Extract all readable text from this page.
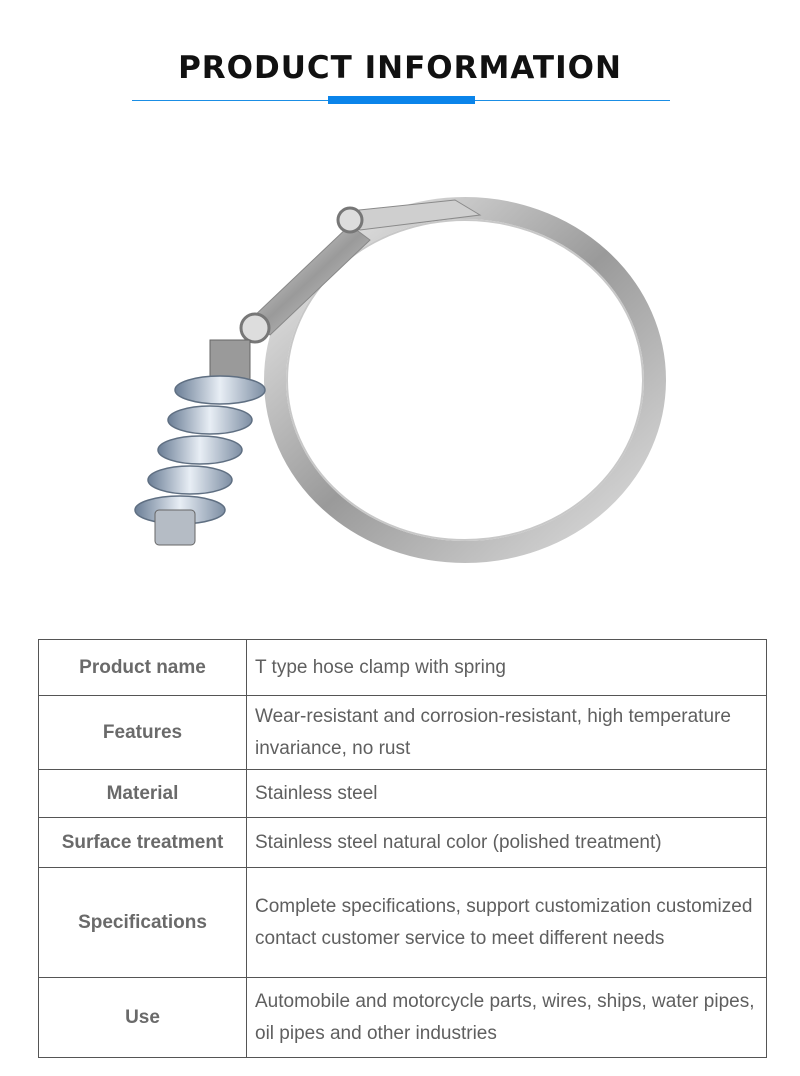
PRODUCT INFORMATION
Product name	T type hose clamp with spring
Features	Wear-resistant and corrosion-resistant, high temperature invariance, no rust
Material	Stainless steel
Surface treatment	Stainless steel natural color (polished treatment)
Specifications	Complete specifications, support customization customized contact customer service to meet different needs
Use	Automobile and motorcycle parts, wires, ships, water pipes, oil pipes and other industries
